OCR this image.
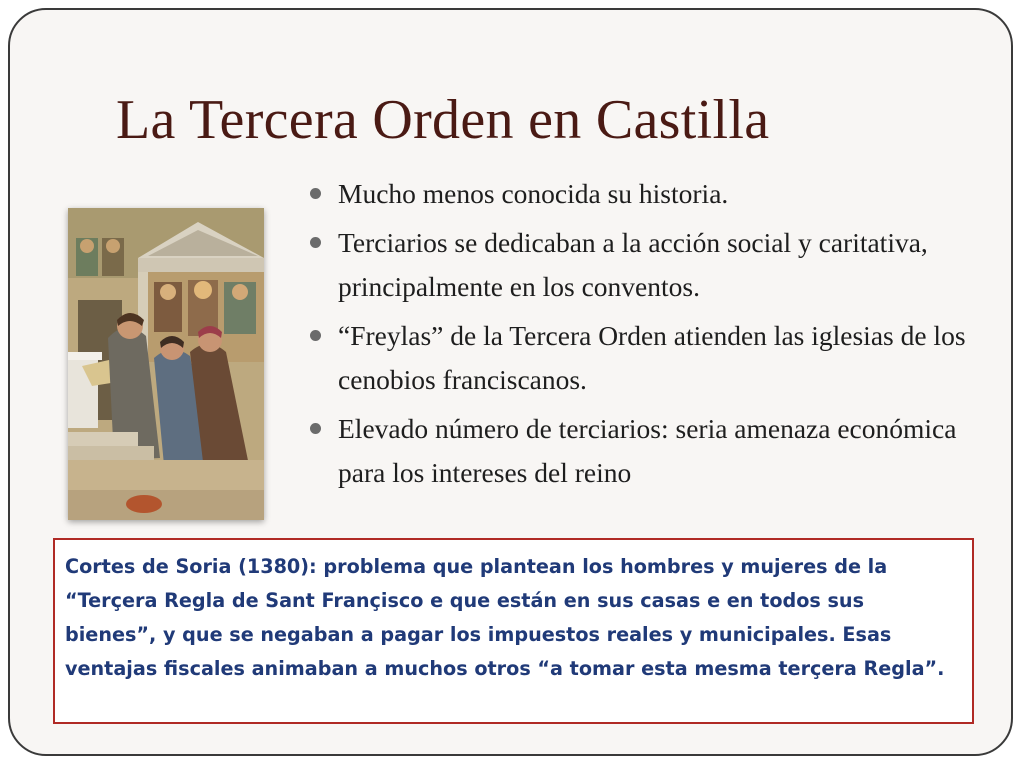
La Tercera Orden en Castilla
Mucho menos conocida su historia.
Terciarios se dedicaban a la acción social y caritativa, principalmente en los conventos.
“Freylas” de la Tercera Orden atienden las iglesias de los cenobios franciscanos.
Elevado número de terciarios: seria amenaza económica para los intereses del reino
Cortes de Soria (1380): problema que plantean los hombres y mujeres de la “Terçera Regla de Sant Françisco e que están en sus casas e en todos sus bienes”, y que se negaban a pagar los impuestos reales y municipales. Esas ventajas fiscales animaban a muchos otros “a tomar esta mesma terçera Regla”.
